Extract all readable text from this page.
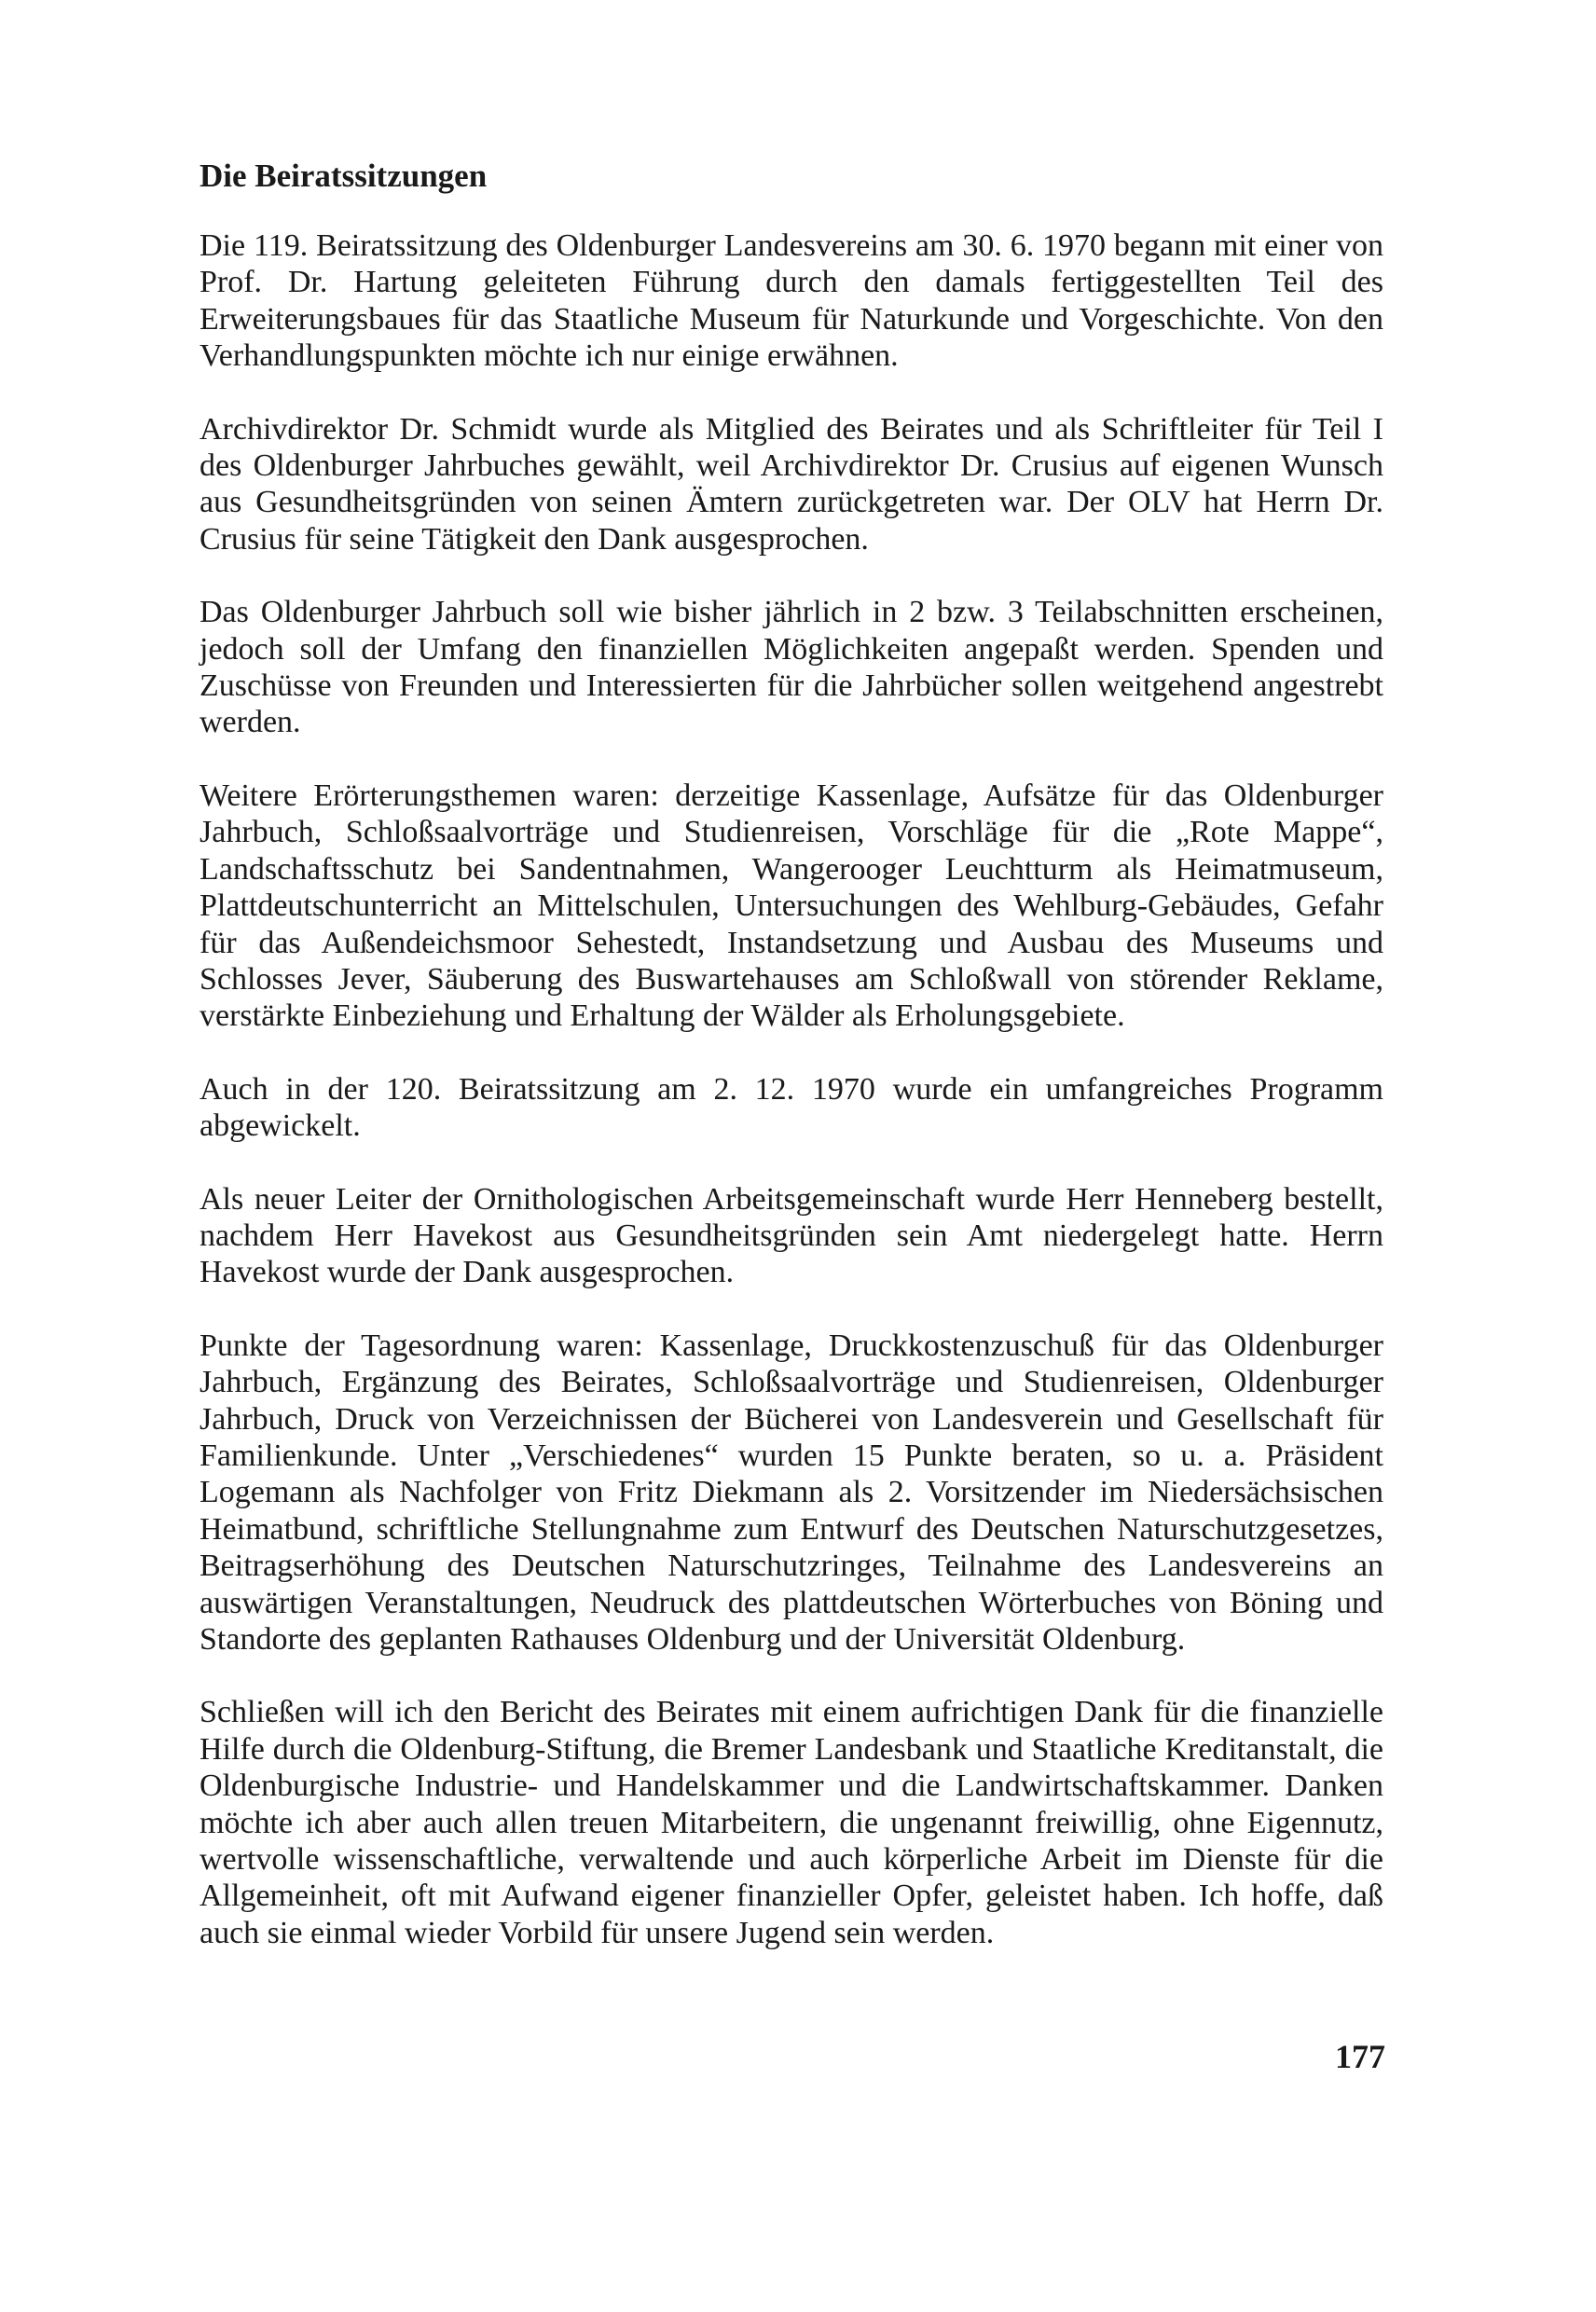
Die Beiratssitzungen

Die 119. Beiratssitzung des Oldenburger Landesvereins am 30. 6. 1970 begann mit einer von Prof. Dr. Hartung geleiteten Führung durch den damals fertiggestellten Teil des Erweiterungsbaues für das Staatliche Museum für Naturkunde und Vorgeschichte. Von den Verhandlungspunkten möchte ich nur einige erwähnen.

Archivdirektor Dr. Schmidt wurde als Mitglied des Beirates und als Schriftleiter für Teil I des Oldenburger Jahrbuches gewählt, weil Archivdirektor Dr. Crusius auf eigenen Wunsch aus Gesundheitsgründen von seinen Ämtern zurückgetreten war. Der OLV hat Herrn Dr. Crusius für seine Tätigkeit den Dank ausgesprochen.

Das Oldenburger Jahrbuch soll wie bisher jährlich in 2 bzw. 3 Teilabschnitten erscheinen, jedoch soll der Umfang den finanziellen Möglichkeiten angepaßt werden. Spenden und Zuschüsse von Freunden und Interessierten für die Jahrbücher sollen weitgehend angestrebt werden.

Weitere Erörterungsthemen waren: derzeitige Kassenlage, Aufsätze für das Oldenburger Jahrbuch, Schloßsaalvorträge und Studienreisen, Vorschläge für die „Rote Mappe“, Landschaftsschutz bei Sandentnahmen, Wangerooger Leuchtturm als Heimatmuseum, Plattdeutschunterricht an Mittelschulen, Untersuchungen des Wehlburg-Gebäudes, Gefahr für das Außendeichsmoor Sehestedt, Instandsetzung und Ausbau des Museums und Schlosses Jever, Säuberung des Buswartehauses am Schloßwall von störender Reklame, verstärkte Einbeziehung und Erhaltung der Wälder als Erholungsgebiete.

Auch in der 120. Beiratssitzung am 2. 12. 1970 wurde ein umfangreiches Programm abgewickelt.

Als neuer Leiter der Ornithologischen Arbeitsgemeinschaft wurde Herr Henneberg bestellt, nachdem Herr Havekost aus Gesundheitsgründen sein Amt niedergelegt hatte. Herrn Havekost wurde der Dank ausgesprochen.

Punkte der Tagesordnung waren: Kassenlage, Druckkostenzuschuß für das Oldenburger Jahrbuch, Ergänzung des Beirates, Schloßsaalvorträge und Studienreisen, Oldenburger Jahrbuch, Druck von Verzeichnissen der Bücherei von Landesverein und Gesellschaft für Familienkunde. Unter „Verschiedenes“ wurden 15 Punkte beraten, so u. a. Präsident Logemann als Nachfolger von Fritz Diekmann als 2. Vorsitzender im Niedersächsischen Heimatbund, schriftliche Stellungnahme zum Entwurf des Deutschen Naturschutzgesetzes, Beitragserhöhung des Deutschen Naturschutzringes, Teilnahme des Landesvereins an auswärtigen Veranstaltungen, Neudruck des plattdeutschen Wörterbuches von Böning und Standorte des geplanten Rathauses Oldenburg und der Universität Oldenburg.

Schließen will ich den Bericht des Beirates mit einem aufrichtigen Dank für die finanzielle Hilfe durch die Oldenburg-Stiftung, die Bremer Landesbank und Staatliche Kreditanstalt, die Oldenburgische Industrie- und Handelskammer und die Landwirtschaftskammer. Danken möchte ich aber auch allen treuen Mitarbeitern, die ungenannt freiwillig, ohne Eigennutz, wertvolle wissenschaftliche, verwaltende und auch körperliche Arbeit im Dienste für die Allgemeinheit, oft mit Aufwand eigener finanzieller Opfer, geleistet haben. Ich hoffe, daß auch sie einmal wieder Vorbild für unsere Jugend sein werden.

177
